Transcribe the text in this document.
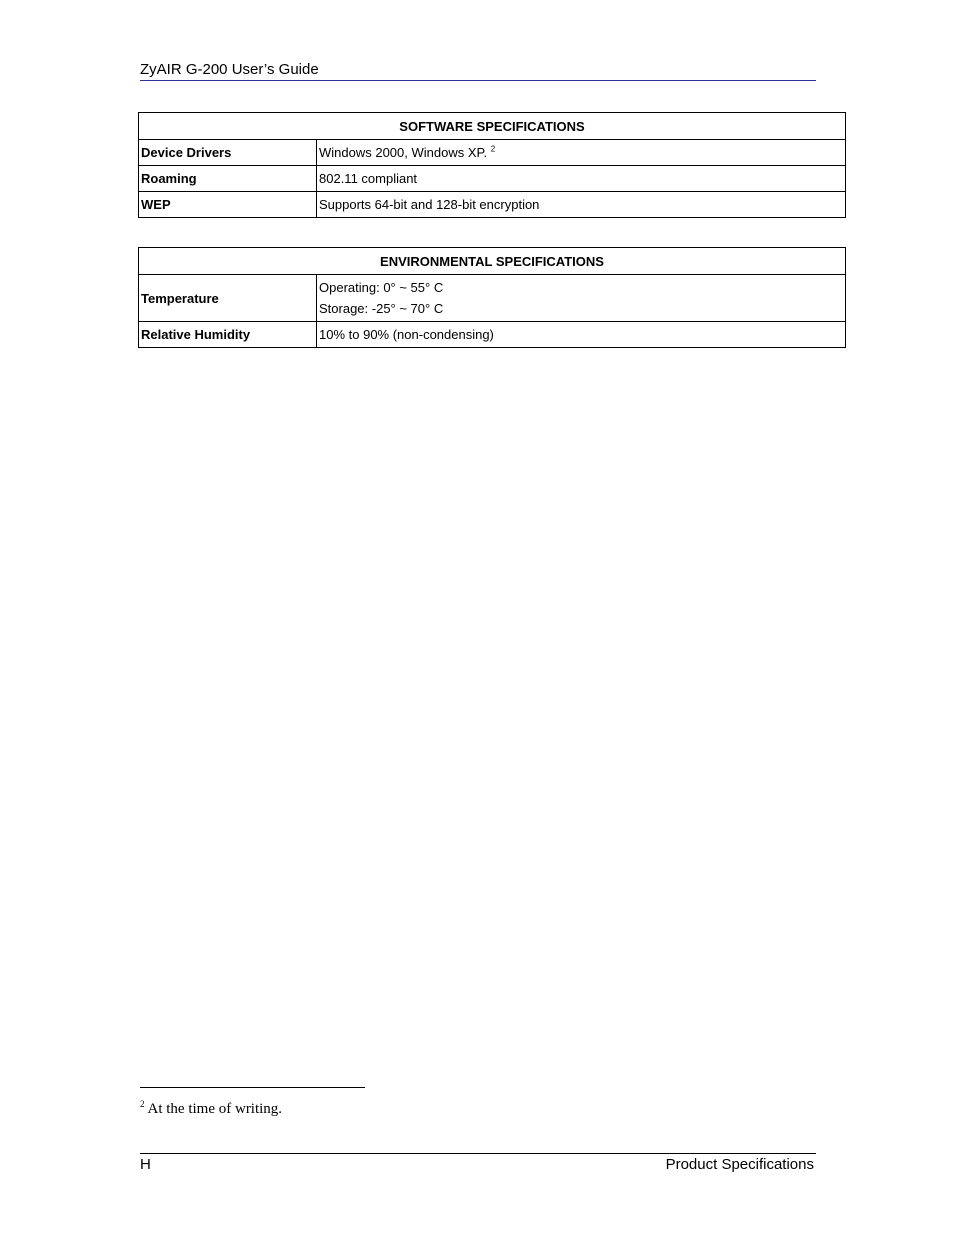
ZyAIR G-200 User’s Guide
SOFTWARE SPECIFICATIONS	
Device Drivers	Windows 2000, Windows XP. $^2$
Roaming	802.11 compliant
WEP	Supports 64-bit and 128-bit encryption
ENVIRONMENTAL SPECIFICATIONS	
Temperature	Operating: 0° ~ 55° C
Storage: -25° ~ 70° C

Relative Humidity	10% to 90% (non-condensing)
$^2$ At the time of writing.
H	Product Specifications
